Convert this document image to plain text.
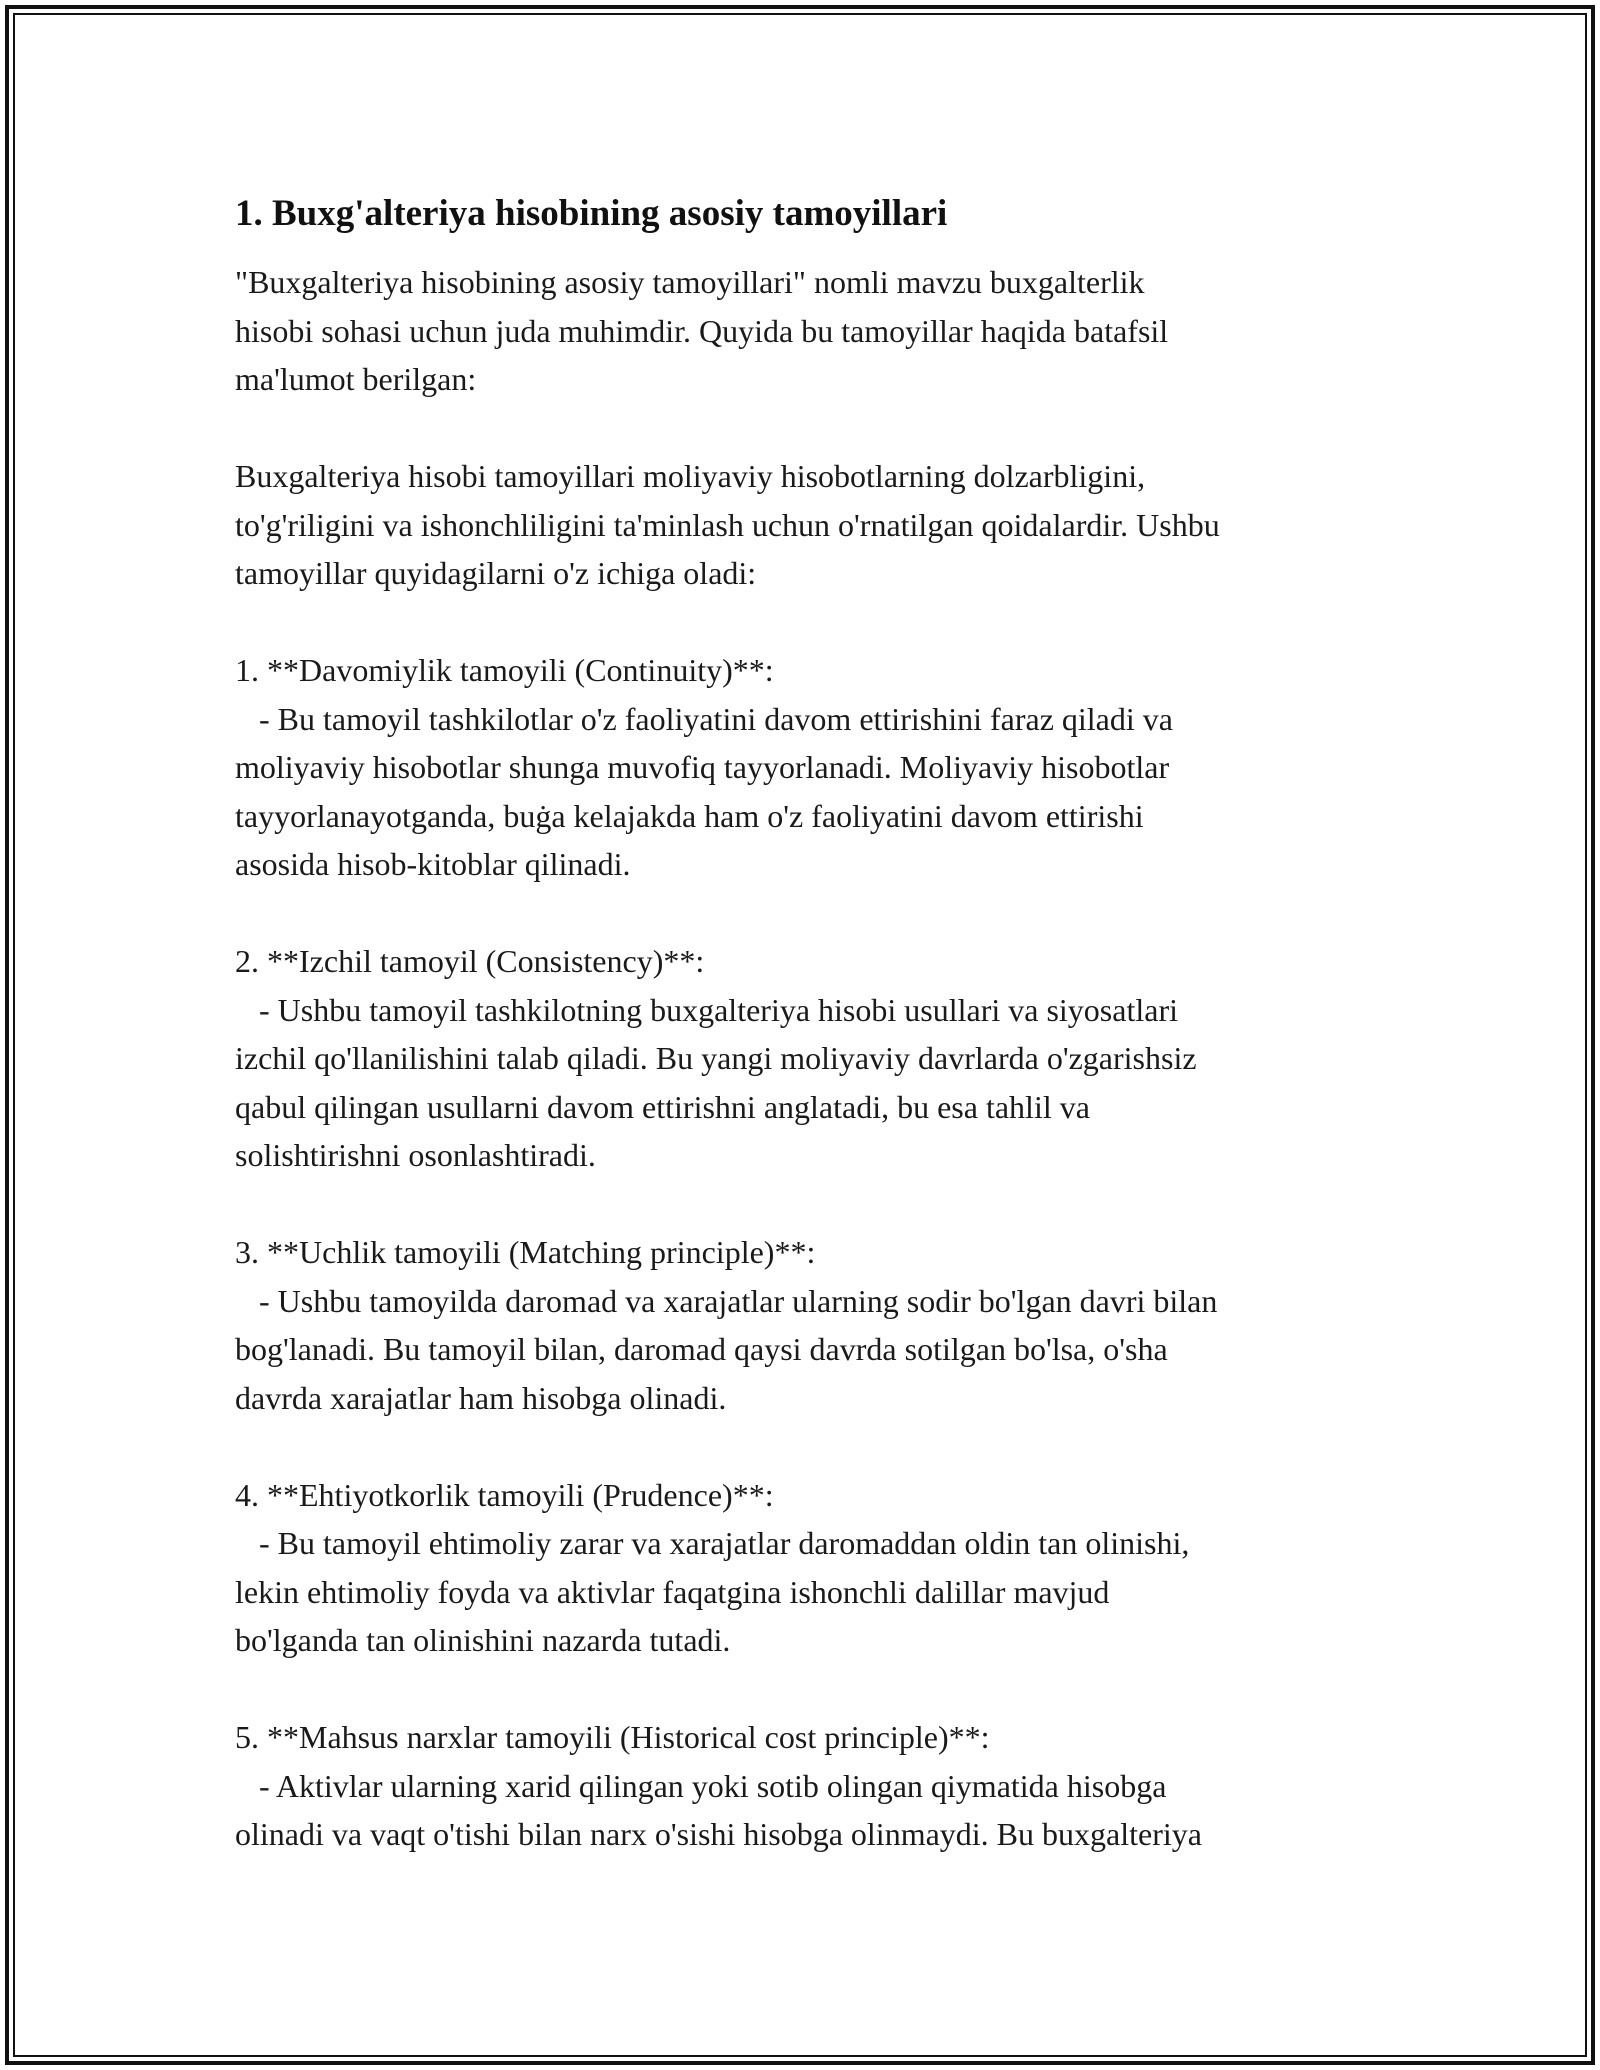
1. Buxg'alteriya hisobining asosiy tamoyillari

"Buxgalteriya hisobining asosiy tamoyillari" nomli mavzu buxgalterlik
hisobi sohasi uchun juda muhimdir. Quyida bu tamoyillar haqida batafsil
ma'lumot berilgan:

Buxgalteriya hisobi tamoyillari moliyaviy hisobotlarning dolzarbligini,
to'g'riligini va ishonchliligini ta'minlash uchun o'rnatilgan qoidalardir. Ushbu
tamoyillar quyidagilarni o'z ichiga oladi:

1. **Davomiylik tamoyili (Continuity)**:
- Bu tamoyil tashkilotlar o'z faoliyatini davom ettirishini faraz qiladi va
moliyaviy hisobotlar shunga muvofiq tayyorlanadi. Moliyaviy hisobotlar
tayyorlanayotganda, buġa kelajakda ham o'z faoliyatini davom ettirishi
asosida hisob-kitoblar qilinadi.

2. **Izchil tamoyil (Consistency)**:
- Ushbu tamoyil tashkilotning buxgalteriya hisobi usullari va siyosatlari
izchil qo'llanilishini talab qiladi. Bu yangi moliyaviy davrlarda o'zgarishsiz
qabul qilingan usullarni davom ettirishni anglatadi, bu esa tahlil va
solishtirishni osonlashtiradi.

3. **Uchlik tamoyili (Matching principle)**:
- Ushbu tamoyilda daromad va xarajatlar ularning sodir bo'lgan davri bilan
bog'lanadi. Bu tamoyil bilan, daromad qaysi davrda sotilgan bo'lsa, o'sha
davrda xarajatlar ham hisobga olinadi.

4. **Ehtiyotkorlik tamoyili (Prudence)**:
- Bu tamoyil ehtimoliy zarar va xarajatlar daromaddan oldin tan olinishi,
lekin ehtimoliy foyda va aktivlar faqatgina ishonchli dalillar mavjud
bo'lganda tan olinishini nazarda tutadi.

5. **Mahsus narxlar tamoyili (Historical cost principle)**:
- Aktivlar ularning xarid qilingan yoki sotib olingan qiymatida hisobga
olinadi va vaqt o'tishi bilan narx o'sishi hisobga olinmaydi. Bu buxgalteriya
